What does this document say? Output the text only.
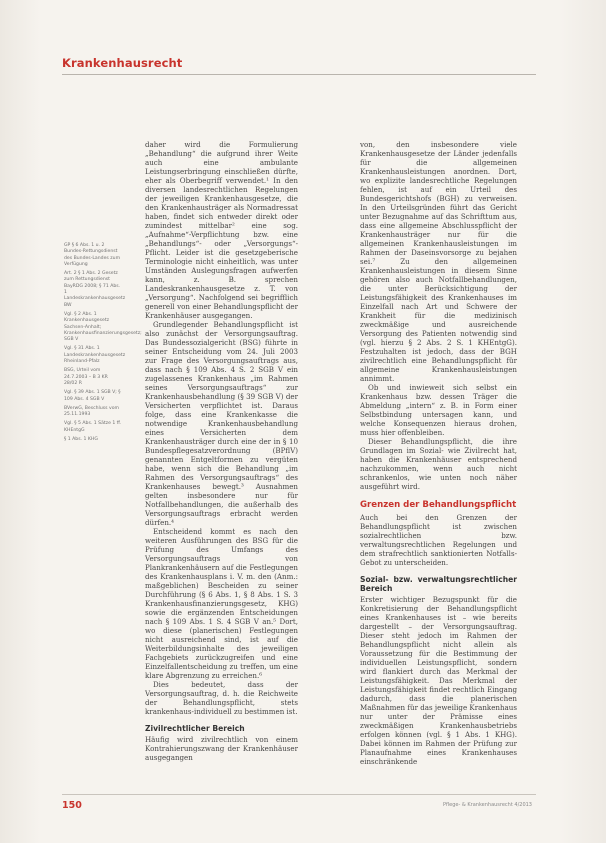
Krankenhausrecht
GP § 6 Abs. 1 u. 2 Bundes-Rettungsdienst des Bundes-Landes zum Verfügung
Art. 2 § 1 Abs. 2 Gesetz zum Rettungsdienst BayRDG 2008; § 71 Abs. 1 Landeskrankenhausgesetz BW
Vgl. § 2 Abs. 1 Krankenhausgesetz Sachsen-Anhalt; Krankenhausfinanzierungsgesetz; SGB V
Vgl. § 31 Abs. 1 Landeskrankenhausgesetz Rheinland-Pfalz
BSG, Urteil vom 24.7.2003 – B 3 KR 28/02 R
Vgl. § 39 Abs. 1 SGB V; § 109 Abs. 4 SGB V
BVerwG, Beschluss vom 25.11.1993
Vgl. § 5 Abs. 1 Sätze 1 ff. KHEntgG
§ 1 Abs. 1 KHG

daher wird die Formulierung „Behandlung“ die aufgrund ihrer Weite auch eine ambulante Leistungserbringung einschließen dürfte, eher als Oberbegriff verwendet.¹ In den diversen landesrechtlichen Regelungen der jeweiligen Krankenhausgesetze, die den Krankenhausträger als Normadressat haben, findet sich entweder direkt oder zumindest mittelbar² eine sog. „Aufnahme“-Verpflichtung bzw. eine „Behandlungs“- oder „Versorgungs“-Pflicht. Leider ist die gesetzgeberische Terminologie nicht einheitlich, was unter Umständen Auslegungsfragen aufwerfen kann, z. B. sprechen Landeskrankenhausgesetze z. T. von „Versorgung“. Nachfolgend sei begrifflich generell von einer Behandlungspflicht der Krankenhäuser ausgegangen.

Grundlegender Behandlungspflicht ist also zunächst der Versorgungsauftrag. Das Bundessozialgericht (BSG) führte in seiner Entscheidung vom 24. Juli 2003 zur Frage des Versorgungsauftrags aus, dass nach § 109 Abs. 4 S. 2 SGB V ein zugelassenes Krankenhaus „im Rahmen seines Versorgungsauftrags“ zur Krankenhausbehandlung (§ 39 SGB V) der Versicherten verpflichtet ist. Daraus folge, dass eine Krankenkasse die notwendige Krankenhausbehandlung eines Versicherten dem Krankenhausträger durch eine der in § 10 Bundespflegesatzverordnung (BPflV) genannten Entgeltformen zu vergüten habe, wenn sich die Behandlung „im Rahmen des Versorgungsauftrags“ des Krankenhauses bewegt.³ Ausnahmen gelten insbesondere nur für Notfallbehandlungen, die außerhalb des Versorgungsauftrags erbracht werden dürfen.⁴

Entscheidend kommt es nach den weiteren Ausführungen des BSG für die Prüfung des Umfangs des Versorgungsauftrags von Plankrankenhäusern auf die Festlegungen des Krankenhausplans i. V. m. den (Anm.: maßgeblichen) Bescheiden zu seiner Durchführung (§ 6 Abs. 1, § 8 Abs. 1 S. 3 Krankenhausfinanzierungsgesetz, KHG) sowie die ergänzenden Entscheidungen nach § 109 Abs. 1 S. 4 SGB V an.⁵ Dort, wo diese (planerischen) Festlegungen nicht ausreichend sind, ist auf die Weiterbildungsinhalte des jeweiligen Fachgebiets zurückzugreifen und eine Einzelfallentscheidung zu treffen, um eine klare Abgrenzung zu erreichen.⁶

Dies bedeutet, dass der Versorgungsauftrag, d. h. die Reichweite der Behandlungspflicht, stets krankenhaus-individuell zu bestimmen ist.

Zivilrechtlicher Bereich

Häufig wird zivilrechtlich von einem Kontrahierungszwang der Krankenhäuser ausgegangen

von, den insbesondere viele Krankenhausgesetze der Länder jedenfalls für die allgemeinen Krankenhausleistungen anordnen. Dort, wo explizite landesrechtliche Regelungen fehlen, ist auf ein Urteil des Bundesgerichtshofs (BGH) zu verweisen. In den Urteilsgründen führt das Gericht unter Bezugnahme auf das Schrifttum aus, dass eine allgemeine Abschlusspflicht der Krankenhausträger nur für die allgemeinen Krankenhausleistungen im Rahmen der Daseinsvorsorge zu bejahen sei.⁷ Zu den allgemeinen Krankenhausleistungen in diesem Sinne gehören also auch Notfallbehandlungen, die unter Berücksichtigung der Leistungsfähigkeit des Krankenhauses im Einzelfall nach Art und Schwere der Krankheit für die medizinisch zweckmäßige und ausreichende Versorgung des Patienten notwendig sind (vgl. hierzu § 2 Abs. 2 S. 1 KHEntgG). Festzuhalten ist jedoch, dass der BGH zivilrechtlich eine Behandlungspflicht für allgemeine Krankenhausleistungen annimmt.

Ob und inwieweit sich selbst ein Krankenhaus bzw. dessen Träger die Abmeldung „intern“ z. B. in Form einer Selbstbindung untersagen kann, und welche Konsequenzen hieraus drohen, muss hier offenbleiben.

Dieser Behandlungspflicht, die ihre Grundlagen im Sozial- wie Zivilrecht hat, haben die Krankenhäuser entsprechend nachzukommen, wenn auch nicht schrankenlos, wie unten noch näher ausgeführt wird.

Grenzen der Behandlungspflicht

Auch bei den Grenzen der Behandlungspflicht ist zwischen sozialrechtlichen bzw. verwaltungsrechtlichen Regelungen und dem strafrechtlich sanktionierten Notfalls-Gebot zu unterscheiden.

Sozial- bzw. verwaltungsrechtlicher Bereich

Erster wichtiger Bezugspunkt für die Konkretisierung der Behandlungspflicht eines Krankenhauses ist – wie bereits dargestellt – der Versorgungsauftrag. Dieser steht jedoch im Rahmen der Behandlungspflicht nicht allein als Voraussetzung für die Bestimmung der individuellen Leistungspflicht, sondern wird flankiert durch das Merkmal der Leistungsfähigkeit. Das Merkmal der Leistungsfähigkeit findet rechtlich Eingang dadurch, dass die planerischen Maßnahmen für das jeweilige Krankenhaus nur unter der Prämisse eines zweckmäßigen Krankenhausbetriebs erfolgen können (vgl. § 1 Abs. 1 KHG). Dabei können im Rahmen der Prüfung zur Planaufnahme eines Krankenhauses einschränkende

150	Pflege- & Krankenhausrecht 4/2013
